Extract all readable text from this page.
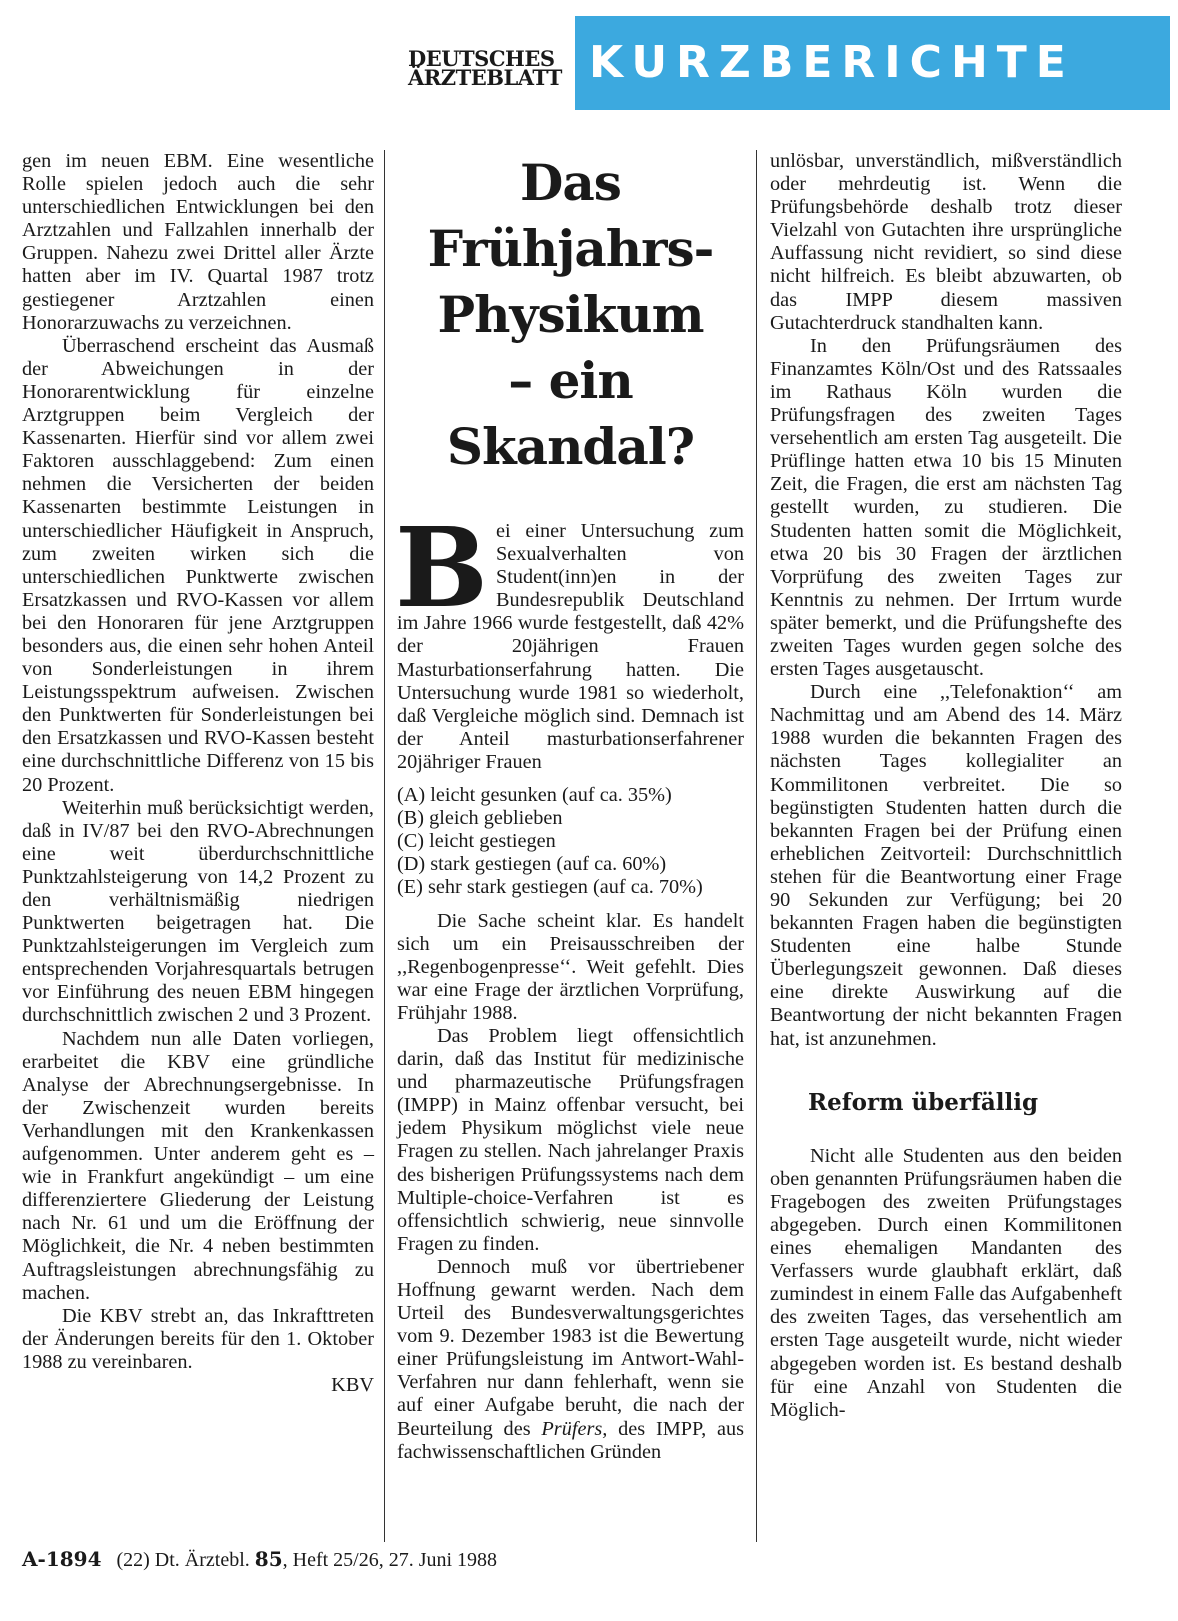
DEUTSCHES
ÄRZTEBLATT KURZBERICHTE

gen im neuen EBM. Eine wesentliche Rolle spielen jedoch auch die sehr unterschiedlichen Entwicklungen bei den Arztzahlen und Fallzahlen innerhalb der Gruppen. Nahezu zwei Drittel aller Ärzte hatten aber im IV. Quartal 1987 trotz gestiegener Arztzahlen einen Honorarzuwachs zu verzeichnen.

Überraschend erscheint das Ausmaß der Abweichungen in der Honorarentwicklung für einzelne Arztgruppen beim Vergleich der Kassenarten. Hierfür sind vor allem zwei Faktoren ausschlaggebend: Zum einen nehmen die Versicherten der beiden Kassenarten bestimmte Leistungen in unterschiedlicher Häufigkeit in Anspruch, zum zweiten wirken sich die unterschiedlichen Punktwerte zwischen Ersatzkassen und RVO-Kassen vor allem bei den Honoraren für jene Arztgruppen besonders aus, die einen sehr hohen Anteil von Sonderleistungen in ihrem Leistungsspektrum aufweisen. Zwischen den Punktwerten für Sonderleistungen bei den Ersatzkassen und RVO-Kassen besteht eine durchschnittliche Differenz von 15 bis 20 Prozent.

Weiterhin muß berücksichtigt werden, daß in IV/87 bei den RVO-Abrechnungen eine weit überdurchschnittliche Punktzahlsteigerung von 14,2 Prozent zu den verhältnismäßig niedrigen Punktwerten beigetragen hat. Die Punktzahlsteigerungen im Vergleich zum entsprechenden Vorjahresquartals betrugen vor Einführung des neuen EBM hingegen durchschnittlich zwischen 2 und 3 Prozent.

Nachdem nun alle Daten vorliegen, erarbeitet die KBV eine gründliche Analyse der Abrechnungsergebnisse. In der Zwischenzeit wurden bereits Verhandlungen mit den Krankenkassen aufgenommen. Unter anderem geht es – wie in Frankfurt angekündigt – um eine differenziertere Gliederung der Leistung nach Nr. 61 und um die Eröffnung der Möglichkeit, die Nr. 4 neben bestimmten Auftragsleistungen abrechnungsfähig zu machen.

Die KBV strebt an, das Inkrafttreten der Änderungen bereits für den 1. Oktober 1988 zu vereinbaren.

KBV
Das
Frühjahrs-
Physikum
– ein
Skandal?

Bei einer Untersuchung zum Sexualverhalten von Student(inn)en in der Bundesrepublik Deutschland im Jahre 1966 wurde festgestellt, daß 42% der 20jährigen Frauen Masturbationserfahrung hatten. Die Untersuchung wurde 1981 so wiederholt, daß Vergleiche möglich sind. Demnach ist der Anteil masturbationserfahrener 20jähriger Frauen

(A) leicht gesunken (auf ca. 35%)
(B) gleich geblieben
(C) leicht gestiegen
(D) stark gestiegen (auf ca. 60%)
(E) sehr stark gestiegen (auf ca. 70%)

Die Sache scheint klar. Es handelt sich um ein Preisausschreiben der ,,Regenbogenpresse‘‘. Weit gefehlt. Dies war eine Frage der ärztlichen Vorprüfung, Frühjahr 1988.

Das Problem liegt offensichtlich darin, daß das Institut für medizinische und pharmazeutische Prüfungsfragen (IMPP) in Mainz offenbar versucht, bei jedem Physikum möglichst viele neue Fragen zu stellen. Nach jahrelanger Praxis des bisherigen Prüfungssystems nach dem Multiple-choice-Verfahren ist es offensichtlich schwierig, neue sinnvolle Fragen zu finden.

Dennoch muß vor übertriebener Hoffnung gewarnt werden. Nach dem Urteil des Bundesverwaltungsgerichtes vom 9. Dezember 1983 ist die Bewertung einer Prüfungsleistung im Antwort-Wahl-Verfahren nur dann fehlerhaft, wenn sie auf einer Aufgabe beruht, die nach der Beurteilung des Prüfers, des IMPP, aus fachwissenschaftlichen Gründen

unlösbar, unverständlich, mißverständlich oder mehrdeutig ist. Wenn die Prüfungsbehörde deshalb trotz dieser Vielzahl von Gutachten ihre ursprüngliche Auffassung nicht revidiert, so sind diese nicht hilfreich. Es bleibt abzuwarten, ob das IMPP diesem massiven Gutachterdruck standhalten kann.

In den Prüfungsräumen des Finanzamtes Köln/Ost und des Ratssaales im Rathaus Köln wurden die Prüfungsfragen des zweiten Tages versehentlich am ersten Tag ausgeteilt. Die Prüflinge hatten etwa 10 bis 15 Minuten Zeit, die Fragen, die erst am nächsten Tag gestellt wurden, zu studieren. Die Studenten hatten somit die Möglichkeit, etwa 20 bis 30 Fragen der ärztlichen Vorprüfung des zweiten Tages zur Kenntnis zu nehmen. Der Irrtum wurde später bemerkt, und die Prüfungshefte des zweiten Tages wurden gegen solche des ersten Tages ausgetauscht.

Durch eine ,,Telefonaktion‘‘ am Nachmittag und am Abend des 14. März 1988 wurden die bekannten Fragen des nächsten Tages kollegialiter an Kommilitonen verbreitet. Die so begünstigten Studenten hatten durch die bekannten Fragen bei der Prüfung einen erheblichen Zeitvorteil: Durchschnittlich stehen für die Beantwortung einer Frage 90 Sekunden zur Verfügung; bei 20 bekannten Fragen haben die begünstigten Studenten eine halbe Stunde Überlegungszeit gewonnen. Daß dieses eine direkte Auswirkung auf die Beantwortung der nicht bekannten Fragen hat, ist anzunehmen.

Reform überfällig

Nicht alle Studenten aus den beiden oben genannten Prüfungsräumen haben die Fragebogen des zweiten Prüfungstages abgegeben. Durch einen Kommilitonen eines ehemaligen Mandanten des Verfassers wurde glaubhaft erklärt, daß zumindest in einem Falle das Aufgabenheft des zweiten Tages, das versehentlich am ersten Tage ausgeteilt wurde, nicht wieder abgegeben worden ist. Es bestand deshalb für eine Anzahl von Studenten die Möglich-

A-1894 (22) Dt. Ärztebl. 85, Heft 25/26, 27. Juni 1988
